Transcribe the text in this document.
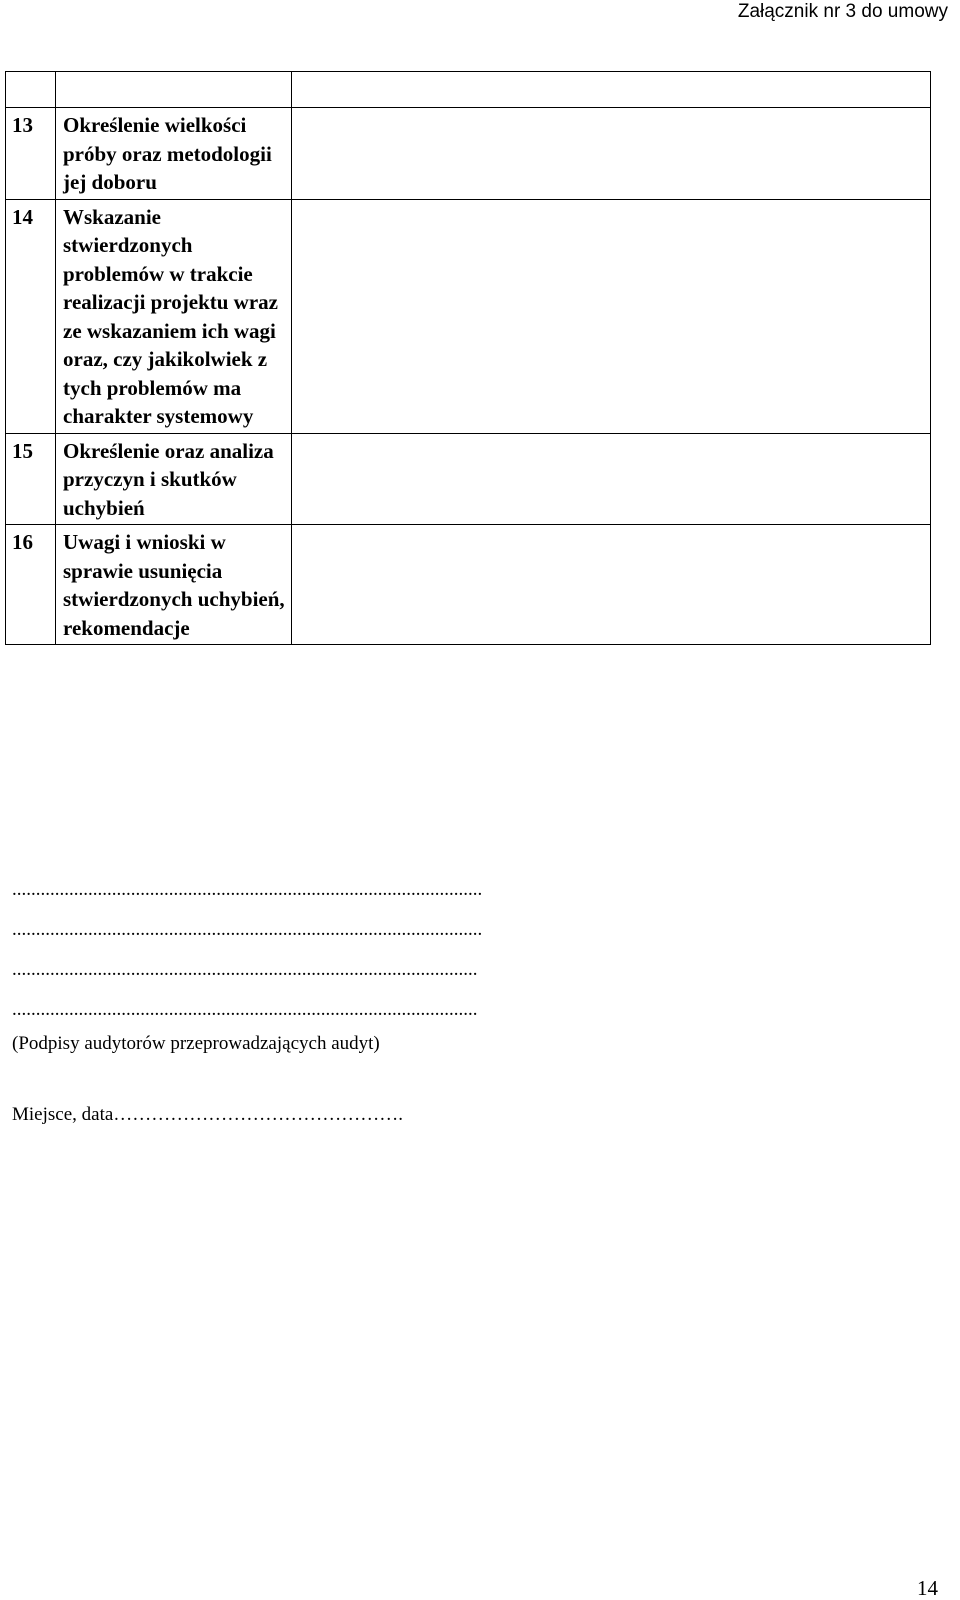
Załącznik nr 3 do umowy

13	Określenie wielkości próby oraz metodologii jej doboru	
14	Wskazanie stwierdzonych problemów w trakcie realizacji projektu wraz ze wskazaniem ich wagi oraz, czy jakikolwiek z tych problemów ma charakter systemowy	
15	Określenie oraz analiza przyczyn i skutków uchybień	
16	Uwagi i wnioski w sprawie usunięcia stwierdzonych uchybień, rekomendacje	
...................................................................................................
...................................................................................................
..................................................................................................
..................................................................................................
(Podpisy audytorów przeprowadzających audyt)
Miejsce, data……………………………………….
14
